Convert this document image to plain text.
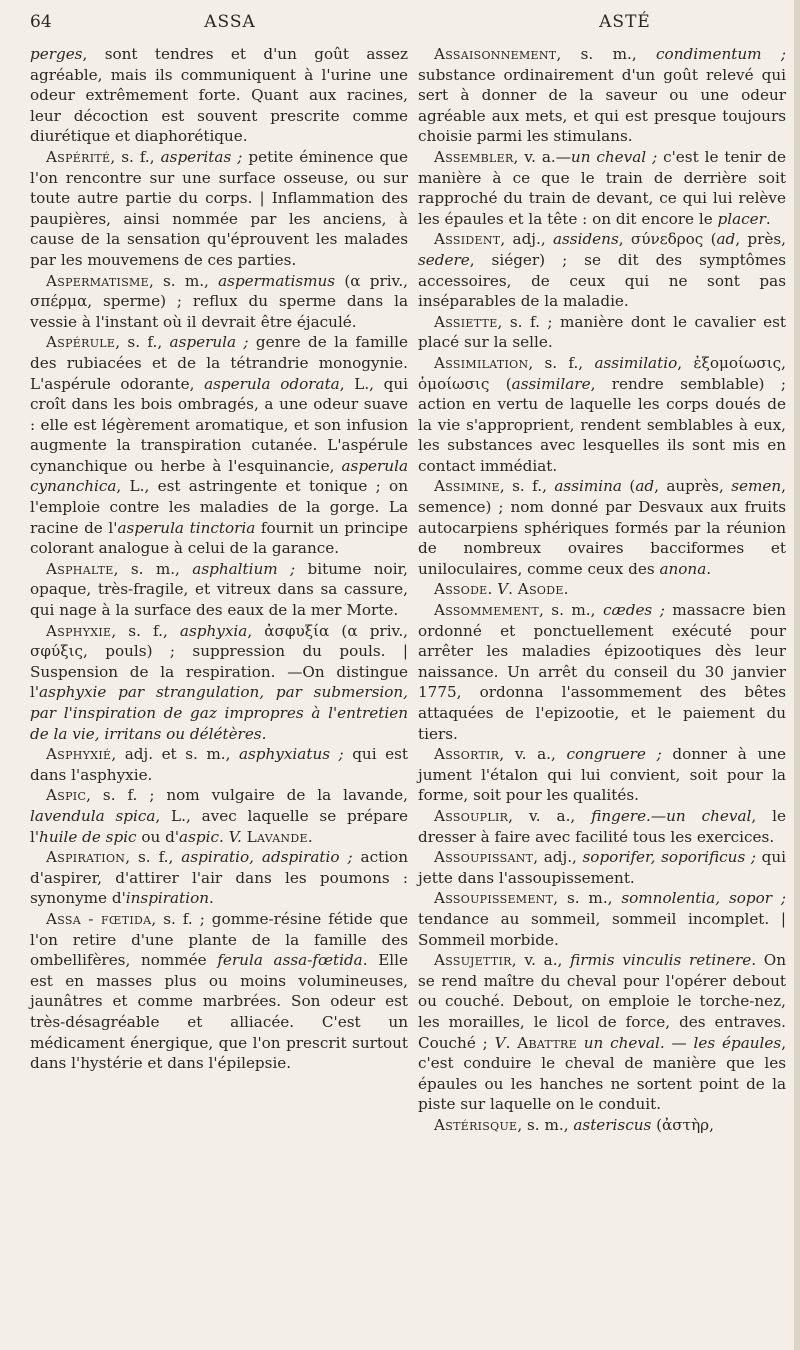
64	ASSA	ASTÉ

perges, sont tendres et d'un goût assez agréable, mais ils communiquent à l'urine une odeur extrêmement forte. Quant aux racines, leur décoction est souvent prescrite comme diurétique et diaphorétique.

Aspérité, s. f., asperitas ; petite éminence que l'on rencontre sur une surface osseuse, ou sur toute autre partie du corps. | Inflammation des paupières, ainsi nommée par les anciens, à cause de la sensation qu'éprouvent les malades par les mouvemens de ces parties.

Aspermatisme, s. m., aspermatismus (α priv., σπέρμα, sperme) ; reflux du sperme dans la vessie à l'instant où il devrait être éjaculé.

Aspérule, s. f., asperula ; genre de la famille des rubiacées et de la tétrandrie monogynie. L'aspérule odorante, asperula odorata, L., qui croît dans les bois ombragés, a une odeur suave : elle est légèrement aromatique, et son infusion augmente la transpiration cutanée. L'aspérule cynanchique ou herbe à l'esquinancie, asperula cynanchica, L., est astringente et tonique ; on l'emploie contre les maladies de la gorge. La racine de l'asperula tinctoria fournit un principe colorant analogue à celui de la garance.

Asphalte, s. m., asphaltium ; bitume noir, opaque, très-fragile, et vitreux dans sa cassure, qui nage à la surface des eaux de la mer Morte.

Asphyxie, s. f., asphyxia, ἀσφυξία (α priv., σφύξις, pouls) ; suppression du pouls. | Suspension de la respiration. —On distingue l'asphyxie par strangulation, par submersion, par l'inspiration de gaz impropres à l'entretien de la vie, irritans ou délétères.

Asphyxié, adj. et s. m., asphyxiatus ; qui est dans l'asphyxie.

Aspic, s. f. ; nom vulgaire de la lavande, lavendula spica, L., avec laquelle se prépare l'huile de spic ou d'aspic. V. Lavande.

Aspiration, s. f., aspiratio, adspiratio ; action d'aspirer, d'attirer l'air dans les poumons : synonyme d'inspiration.

Assa - fœtida, s. f. ; gomme-résine fétide que l'on retire d'une plante de la famille des ombellifères, nommée ferula assa-fœtida. Elle est en masses plus ou moins volumineuses, jaunâtres et comme marbrées. Son odeur est très-désagréable et alliacée. C'est un médicament énergique, que l'on prescrit surtout dans l'hystérie et dans l'épilepsie.

Assaisonnement, s. m., condimentum ; substance ordinairement d'un goût relevé qui sert à donner de la saveur ou une odeur agréable aux mets, et qui est presque toujours choisie parmi les stimulans.

Assembler, v. a.—un cheval ; c'est le tenir de manière à ce que le train de derrière soit rapproché du train de devant, ce qui lui relève les épaules et la tête : on dit encore le placer.

Assident, adj., assidens, σύνεδρος (ad, près, sedere, siéger) ; se dit des symptômes accessoires, de ceux qui ne sont pas inséparables de la maladie.

Assiette, s. f. ; manière dont le cavalier est placé sur la selle.

Assimilation, s. f., assimilatio, ἐξομοίωσις, ὁμοίωσις (assimilare, rendre semblable) ; action en vertu de laquelle les corps doués de la vie s'approprient, rendent semblables à eux, les substances avec lesquelles ils sont mis en contact immédiat.

Assimine, s. f., assimina (ad, auprès, semen, semence) ; nom donné par Desvaux aux fruits autocarpiens sphériques formés par la réunion de nombreux ovaires bacciformes et uniloculaires, comme ceux des anona.

Assode. V. Asode.

Assommement, s. m., cædes ; massacre bien ordonné et ponctuellement exécuté pour arrêter les maladies épizootiques dès leur naissance. Un arrêt du conseil du 30 janvier 1775, ordonna l'assommement des bêtes attaquées de l'epizootie, et le paiement du tiers.

Assortir, v. a., congruere ; donner à une jument l'étalon qui lui convient, soit pour la forme, soit pour les qualités.

Assouplir, v. a., fingere.—un cheval, le dresser à faire avec facilité tous les exercices.

Assoupissant, adj., soporifer, soporificus ; qui jette dans l'assoupissement.

Assoupissement, s. m., somnolentia, sopor ; tendance au sommeil, sommeil incomplet. | Sommeil morbide.

Assujettir, v. a., firmis vinculis retinere. On se rend maître du cheval pour l'opérer debout ou couché. Debout, on emploie le torche-nez, les morailles, le licol de force, des entraves. Couché ; V. Abattre un cheval. — les épaules, c'est conduire le cheval de manière que les épaules ou les hanches ne sortent point de la piste sur laquelle on le conduit.

Astérisque, s. m., asteriscus (ἀστὴρ,
